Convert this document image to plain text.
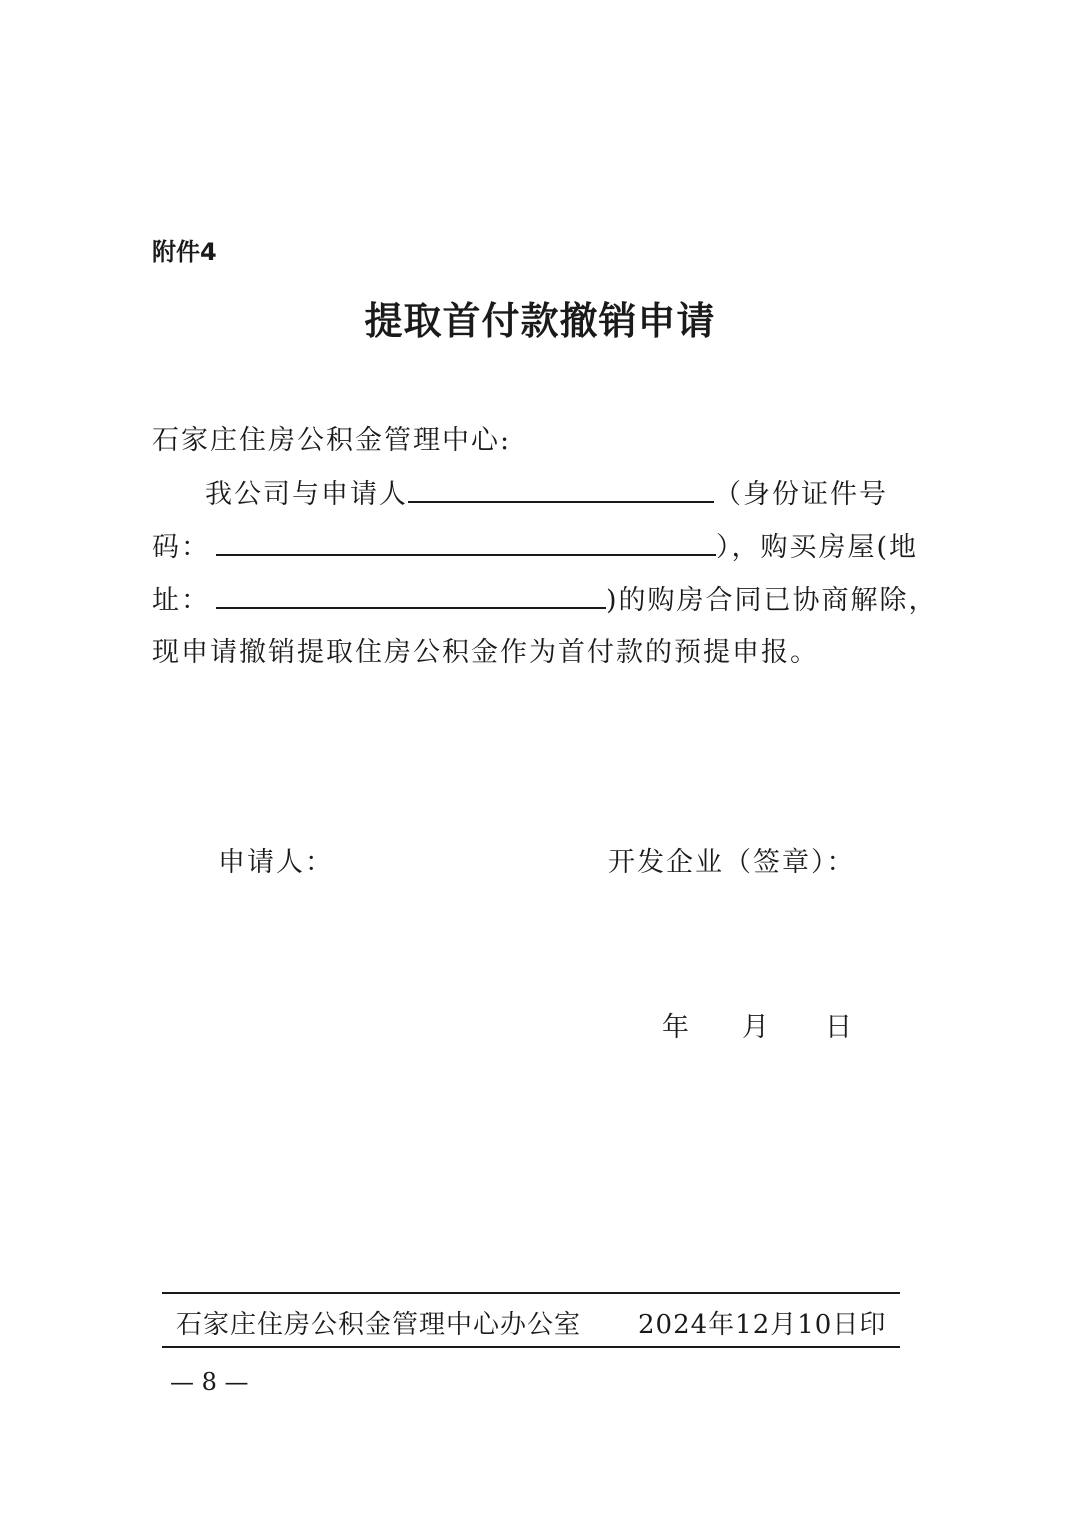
附件4
提取首付款撤销申请
石家庄住房公积金管理中心:
我公司与申请人	（身份证件号
码：	），购买房屋(地
址：	)的购房合同已协商解除，
现申请撤销提取住房公积金作为首付款的预提申报。
申请人：	开发企业（签章）：
年 月 日
石家庄住房公积金管理中心办公室 2024年12月10日印
— 8 —
